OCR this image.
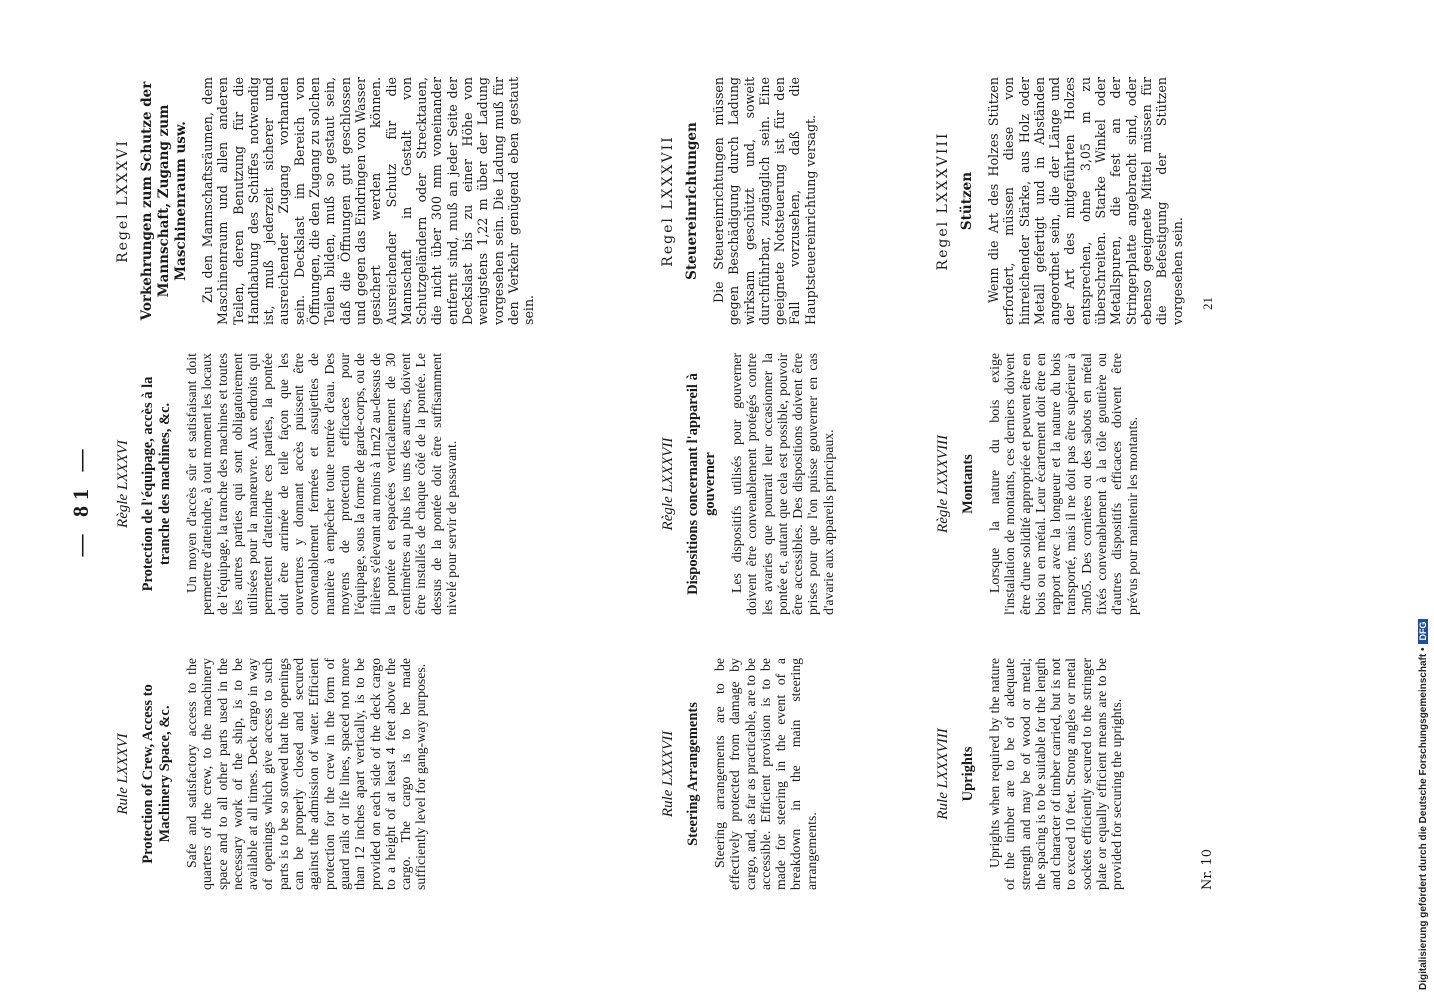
— 81 —
Rule LXXXVI Protection of Crew, Access to Machinery Space, &c. Safe and satisfactory access to the quarters of the crew, to the machinery space and to all other parts used in the necessary work of the ship, is to be available at all times. Deck cargo in way of openings which give access to such parts is to be so stowed that the openings can be properly closed and secured against the admission of water. Efficient protection for the crew in the form of guard rails or life lines, spaced not more than 12 inches apart vertically, is to be provided on each side of the deck cargo to a height of at least 4 feet above the cargo. The cargo is to be made sufficiently level for gang-way purposes.

Règle LXXXVI Protection de l'équipage, accès à la tranche des machines, &c. Un moyen d'accès sûr et satisfaisant doit permettre d'atteindre, à tout moment les locaux de l'équipage, la tranche des machines et toutes les autres parties qui sont obligatoirement utilisées pour la manœuvre. Aux endroits qui permettent d'atteindre ces parties, la pontée doit être arrimée de telle façon que les ouvertures y donnant accès puissent être convenablement fermées et assujetties de manière à empêcher toute rentrée d'eau. Des moyens de protection efficaces pour l'équipage, sous la forme de garde-corps, ou de filières s'élevant au moins à 1m22 au-dessus de la pontée et espacées verticalement de 30 centimètres au plus les uns des autres, doivent être installés de chaque côté de la pontée. Le dessus de la pontée doit être suffisamment nivelé pour servir de passavant.

Regel LXXXVI Vorkehrungen zum Schutze der Mannschaft, Zugang zum Maschinenraum usw. Zu den Mannschaftsräumen, dem Maschinenraum und allen anderen Teilen, deren Benutzung für die Handhabung des Schiffes notwendig ist, muß jederzeit sicherer und ausreichender Zugang vorhanden sein. Deckslast im Bereich von Öffnungen, die den Zugang zu solchen Teilen bilden, muß so gestaut sein, daß die Öffnungen gut geschlossen und gegen das Eindringen von Wasser gesichert werden können. Ausreichender Schutz für die Mannschaft in Gestalt von Schutzgeländern oder Strecktauen, die nicht über 300 mm voneinander entfernt sind, muß an jeder Seite der Deckslast bis zu einer Höhe von wenigstens 1,22 m über der Ladung vorgesehen sein. Die Ladung muß für den Verkehr genügend eben gestaut sein.

Rule LXXXVII Steering Arrangements Steering arrangements are to be effectively protected from damage by cargo, and, as far as practicable, are to be accessible. Efficient provision is to be made for steering in the event of a breakdown in the main steering arrangements.

Règle LXXXVII Dispositions concernant l'appareil à gouverner Les dispositifs utilisés pour gouverner doivent être convenablement protégés contre les avaries que pourrait leur occasionner la pontée et, autant que cela est possible, pouvoir être accessibles. Des dispositions doivent être prises pour que l'on puisse gouverner en cas d'avarie aux appareils principaux.

Regel LXXXVII Steuereinrichtungen Die Steuereinrichtungen müssen gegen Beschädigung durch Ladung wirksam geschützt und, soweit durchführbar, zugänglich sein. Eine geeignete Notsteuerung ist für den Fall vorzusehen, daß die Hauptsteuereinrichtung versagt.

Rule LXXXVIII Uprights Uprights when required by the nature of the timber are to be of adequate strength and may be of wood or metal; the spacing is to be suitable for the length and character of timber carried, but is not to exceed 10 feet. Strong angles or metal sockets efficiently secured to the stringer plate or equally efficient means are to be provided for securing the uprights.

Règle LXXXVIII Montants Lorsque la nature du bois exige l'installation de montants, ces derniers doivent être d'une solidité appropriée et peuvent être en bois ou en métal. Leur écartement doit être en rapport avec la longueur et la nature du bois transporté, mais il ne doit pas être supérieur à 3m05. Des cornières ou des sabots en métal fixés convenablement à la tôle gouttière ou d'autres dispositifs efficaces doivent être prévus pour maintenir les montants.

Regel LXXXVIII Stützen Wenn die Art des Holzes Stützen erfordert, müssen diese von hinreichender Stärke, aus Holz oder Metall gefertigt und in Abständen angeordnet sein, die der Länge und der Art des mitgeführten Holzes entsprechen, ohne 3,05 m zu überschreiten. Starke Winkel oder Metallspuren, die fest an der Stringerplatte angebracht sind, oder ebenso geeignete Mittel müssen für die Befestigung der Stützen vorgesehen sein.

Nr. 10
21
Digitalisierung gefördert durch die Deutsche Forschungsgemeinschaft •DFG
